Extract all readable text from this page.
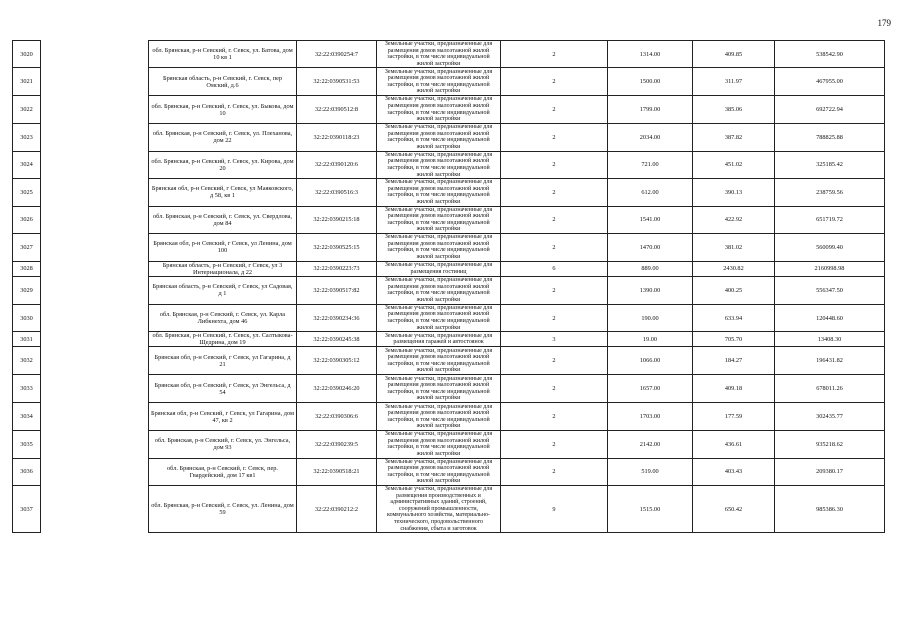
179
3020		обл. Брянская, р-н Севский, г. Севск, ул. Батова, дом 10 кв 1	32:22:0390254:7	Земельные участки, предназначенные для размещения домов малоэтажной жилой застройки, в том числе индивидуальной жилой застройки	2	1314.00	409.85	538542.90
3021		Брянская область, р-н Севский, г. Севск, пер Омский, д.6	32:22:0390531:53	Земельные участки, предназначенные для размещения домов малоэтажной жилой застройки, в том числе индивидуальной жилой застройки	2	1500.00	311.97	467955.00
3022		обл. Брянская, р-н Севский, г. Севск, ул. Быкова, дом 10	32:22:0390512:8	Земельные участки, предназначенные для размещения домов малоэтажной жилой застройки, в том числе индивидуальной жилой застройки	2	1799.00	385.06	692722.94
3023		обл. Брянская, р-н Севский, г. Севск, ул. Плеханова, дом 22	32:22:0390118:23	Земельные участки, предназначенные для размещения домов малоэтажной жилой застройки, в том числе индивидуальной жилой застройки	2	2034.00	387.82	788825.88
3024		обл. Брянская, р-н Севский, г. Севск, ул. Кирова, дом 20	32:22:0390120:6	Земельные участки, предназначенные для размещения домов малоэтажной жилой застройки, в том числе индивидуальной жилой застройки	2	721.00	451.02	325185.42
3025		Брянская обл, р-н Севский, г Севск, ул Маяковского, д 58, кв 1	32:22:0390516:3	Земельные участки, предназначенные для размещения домов малоэтажной жилой застройки, в том числе индивидуальной жилой застройки	2	612.00	390.13	238759.56
3026		обл. Брянская, р-н Севский, г. Севск, ул. Свердлова, дом 84	32:22:0390215:18	Земельные участки, предназначенные для размещения домов малоэтажной жилой застройки, в том числе индивидуальной жилой застройки	2	1541.00	422.92	651719.72
3027		Брянская обл, р-н Севский, г Севск, ул Ленина, дом 100	32:22:0390525:15	Земельные участки, предназначенные для размещения домов малоэтажной жилой застройки, в том числе индивидуальной жилой застройки	2	1470.00	381.02	560099.40
3028		Брянская область, р-н Севский, г Севск, ул 3 Интернационала, д 22	32:22:0390223:73	Земельные участки, предназначенные для размещения гостиниц	6	889.00	2430.82	2160998.98
3029		Брянская область, р-н Севский, г Севск, ул Садовая, д 1	32:22:0390517:82	Земельные участки, предназначенные для размещения домов малоэтажной жилой застройки, в том числе индивидуальной жилой застройки	2	1390.00	400.25	556347.50
3030		обл. Брянская, р-н Севский, г. Севск, ул. Карла Либкнехта, дом 46	32:22:0390234:36	Земельные участки, предназначенные для размещения домов малоэтажной жилой застройки, в том числе индивидуальной жилой застройки	2	190.00	633.94	120448.60
3031		обл. Брянская, р-н Севский, г. Севск, ул. Салтыкова-Щедрина, дом 19	32:22:0390245:38	Земельные участки, предназначенные для размещения гаражей и автостоянок	3	19.00	705.70	13408.30
3032		Брянская обл, р-н Севский, г Севск, ул Гагарина, д 21	32:22:0390305:12	Земельные участки, предназначенные для размещения домов малоэтажной жилой застройки, в том числе индивидуальной жилой застройки	2	1066.00	184.27	196431.82
3033		Брянская обл, р-н Севский, г Севск, ул Энгельса, д 54	32:22:0390246:20	Земельные участки, предназначенные для размещения домов малоэтажной жилой застройки, в том числе индивидуальной жилой застройки	2	1657.00	409.18	678011.26
3034		Брянская обл, р-н Севский, г Севск, ул Гагарина, дом 47, кв 2	32:22:0390306:6	Земельные участки, предназначенные для размещения домов малоэтажной жилой застройки, в том числе индивидуальной жилой застройки	2	1703.00	177.59	302435.77
3035		обл. Брянская, р-н Севский, г. Севск, ул. Энгельса, дом 93	32:22:0390239:5	Земельные участки, предназначенные для размещения домов малоэтажной жилой застройки, в том числе индивидуальной жилой застройки	2	2142.00	436.61	935218.62
3036		обл. Брянская, р-н Севский, г. Севск, пер. Гвардейский, дом 17 кв1	32:22:0390518:21	Земельные участки, предназначенные для размещения домов малоэтажной жилой застройки, в том числе индивидуальной жилой застройки	2	519.00	403.43	209380.17
3037		обл. Брянская, р-н Севский, г. Севск, ул. Ленина, дом 59	32:22:0390212:2	Земельные участки, предназначенные для размещения производственных и административных зданий, строений, сооружений промышленности, коммунального хозяйства, материально-технического, продовольственного снабжения, сбыта и заготовок	9	1515.00	650.42	985386.30
